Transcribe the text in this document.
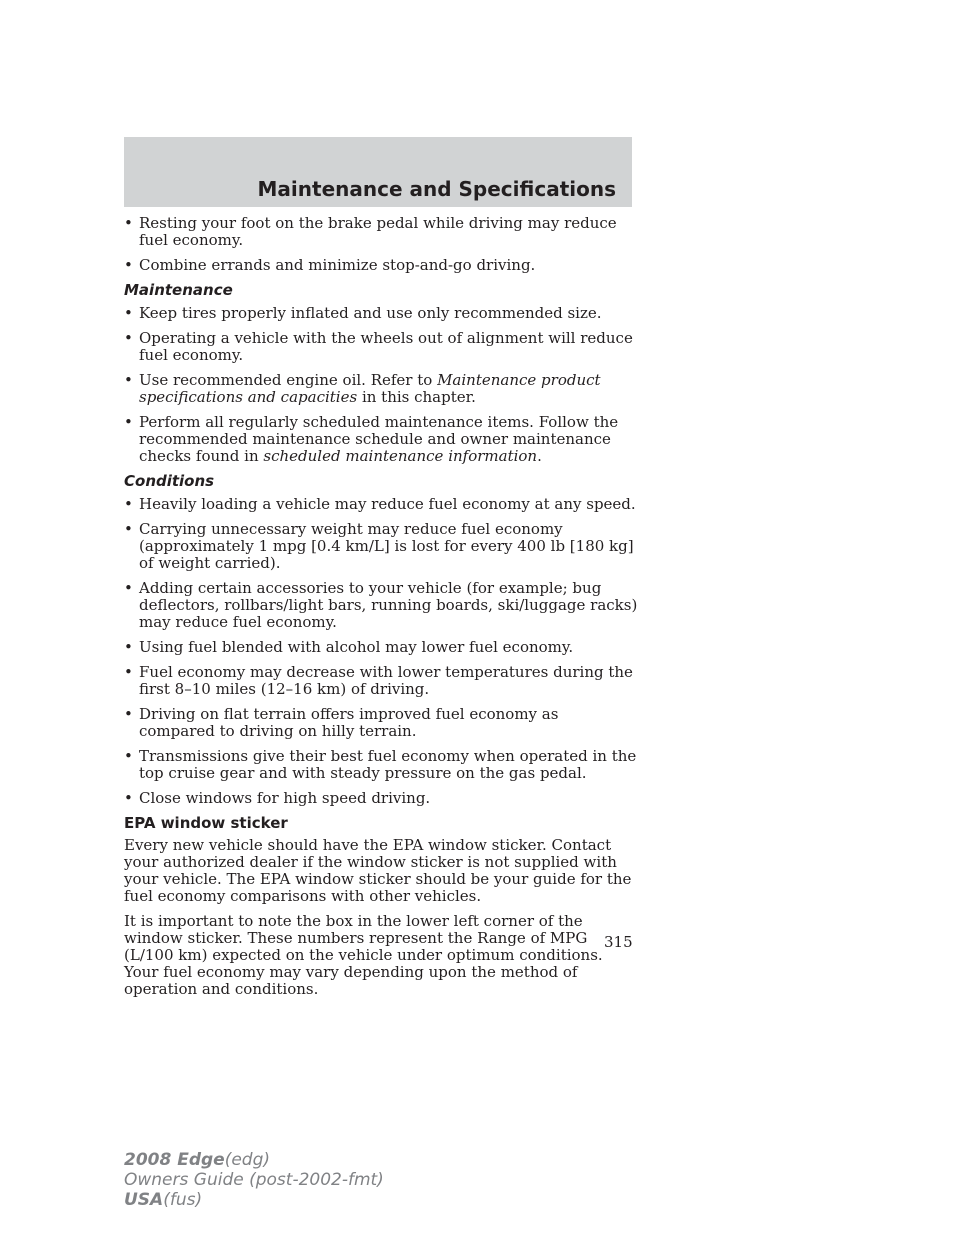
Maintenance and Specifications
• Resting your foot on the brake pedal while driving may reduce fuel economy.
• Combine errands and minimize stop-and-go driving.
Maintenance
• Keep tires properly inflated and use only recommended size.
• Operating a vehicle with the wheels out of alignment will reduce fuel economy.
• Use recommended engine oil. Refer to Maintenance product specifications and capacities in this chapter.
• Perform all regularly scheduled maintenance items. Follow the recommended maintenance schedule and owner maintenance checks found in scheduled maintenance information.
Conditions
• Heavily loading a vehicle may reduce fuel economy at any speed.
• Carrying unnecessary weight may reduce fuel economy (approximately 1 mpg [0.4 km/L] is lost for every 400 lb [180 kg] of weight carried).
• Adding certain accessories to your vehicle (for example; bug deflectors, rollbars/light bars, running boards, ski/luggage racks) may reduce fuel economy.
• Using fuel blended with alcohol may lower fuel economy.
• Fuel economy may decrease with lower temperatures during the first 8–10 miles (12–16 km) of driving.
• Driving on flat terrain offers improved fuel economy as compared to driving on hilly terrain.
• Transmissions give their best fuel economy when operated in the top cruise gear and with steady pressure on the gas pedal.
• Close windows for high speed driving.
EPA window sticker

Every new vehicle should have the EPA window sticker. Contact your authorized dealer if the window sticker is not supplied with your vehicle. The EPA window sticker should be your guide for the fuel economy comparisons with other vehicles.

It is important to note the box in the lower left corner of the window sticker. These numbers represent the Range of MPG (L/100 km) expected on the vehicle under optimum conditions. Your fuel economy may vary depending upon the method of operation and conditions.

315
2008 Edge(edg)
Owners Guide (post-2002-fmt)
USA(fus)
